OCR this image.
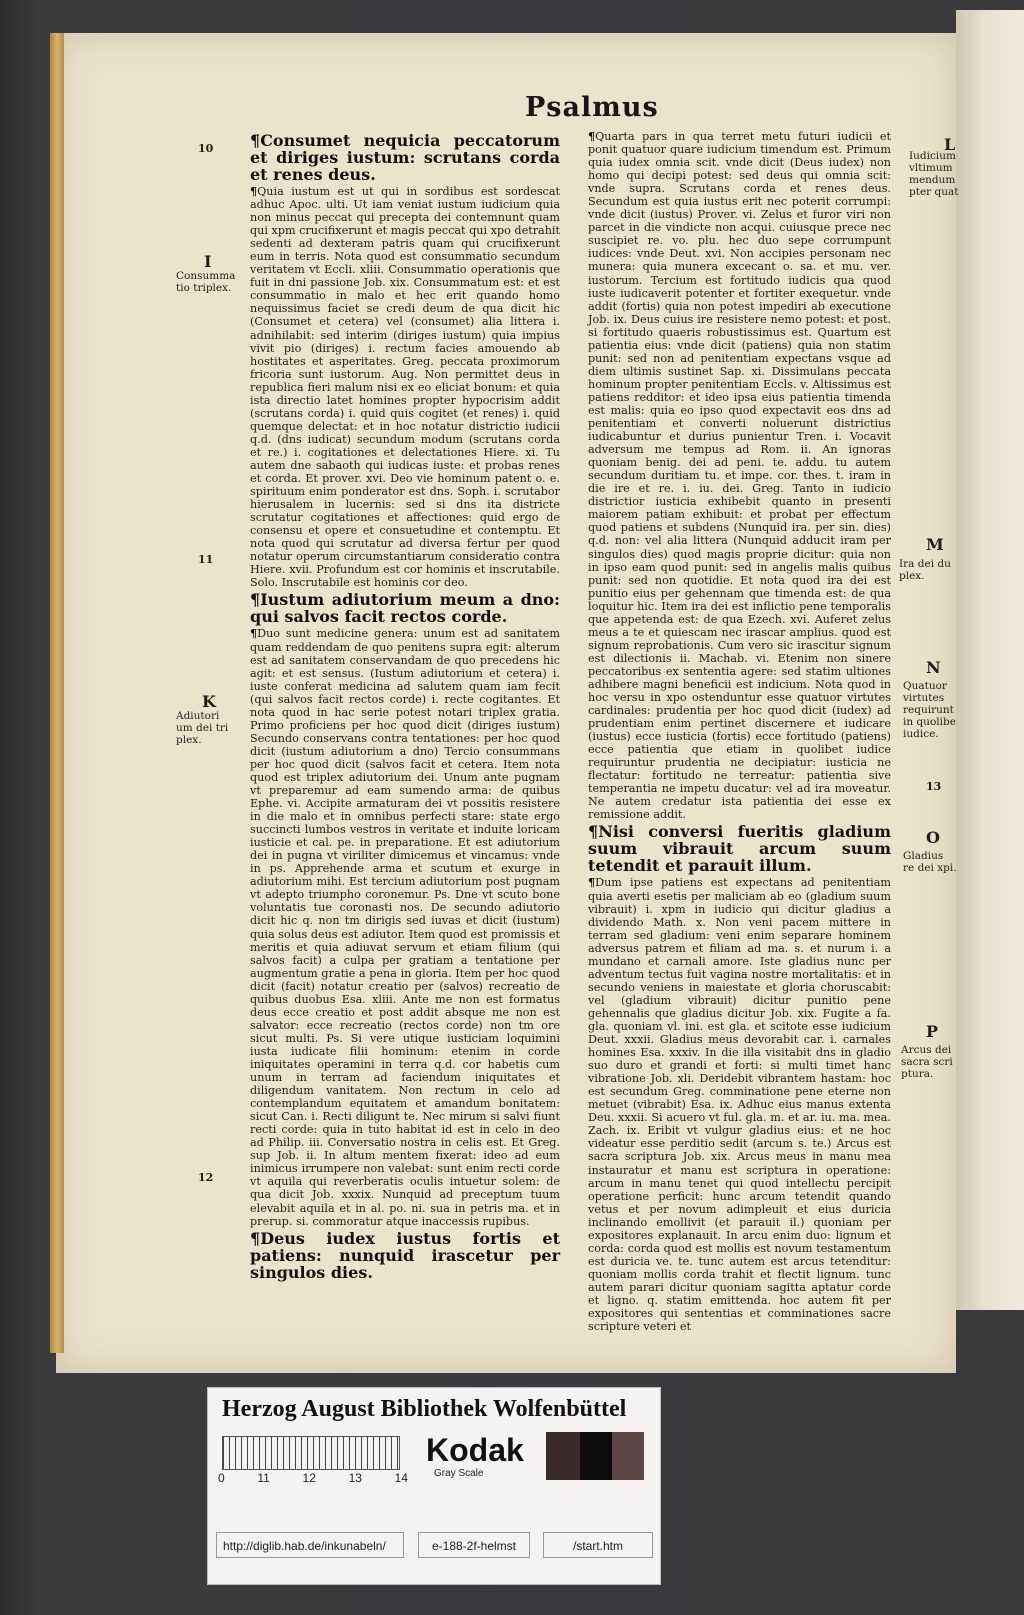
Psalmus
10
11
12
13
I
Consumma
tio triplex.
K
Adiutori
um dei tri
plex.
L
Iudicium
vltimum
mendum
pter quat
M
Ira dei du
plex.
N
Quatuor
virtutes
requirunt
in quolibe
iudice.
O
Gladius
re dei xpi.
P
Arcus dei
sacra scri
ptura.
¶Consumet nequicia peccatorum et diriges iustum: scrutans corda et renes deus.

¶Quia iustum est ut qui in sordibus est sordescat adhuc Apoc. ulti. Ut iam veniat iustum iudicium quia non minus peccat qui precepta dei contemnunt quam qui xpm crucifixerunt et magis peccat qui xpo detrahit sedenti ad dexteram patris quam qui crucifixerunt eum in terris. Nota quod est consummatio secundum veritatem vt Eccli. xliii. Consummatio operationis que fuit in dni passione Job. xix. Consummatum est: et est consummatio in malo et hec erit quando homo nequissimus faciet se credi deum de qua dicit hic (Consumet et cetera) vel (consumet) alia littera i. adnihilabit: sed interim (diriges iustum) quia impius vivit pio (diriges) i. rectum facies amouendo ab hostitates et asperitates. Greg. peccata proximorum fricoria sunt iustorum. Aug. Non permittet deus in republica fieri malum nisi ex eo eliciat bonum: et quia ista directio latet homines propter hypocrisim addit (scrutans corda) i. quid quis cogitet (et renes) i. quid quemque delectat: et in hoc notatur districtio iudicii q.d. (dns iudicat) secundum modum (scrutans corda et re.) i. cogitationes et delectationes Hiere. xi. Tu autem dne sabaoth qui iudicas iuste: et probas renes et corda. Et prover. xvi. Deo vie hominum patent o. e. spirituum enim ponderator est dns. Soph. i. scrutabor hierusalem in lucernis: sed si dns ita districte scrutatur cogitationes et affectiones: quid ergo de consensu et opere et consuetudine et contemptu. Et nota quod qui scrutatur ad diversa fertur per quod notatur operum circumstantiarum consideratio contra Hiere. xvii. Profundum est cor hominis et inscrutabile. Solo. Inscrutabile est hominis cor deo.

¶Iustum adiutorium meum a dno: qui salvos facit rectos corde.

¶Duo sunt medicine genera: unum est ad sanitatem quam reddendam de quo penitens supra egit: alterum est ad sanitatem conservandam de quo precedens hic agit: et est sensus. (Iustum adiutorium et cetera) i. iuste conferat medicina ad salutem quam iam fecit (qui salvos facit rectos corde) i. recte cogitantes. Et nota quod in hac serie potest notari triplex gratia. Primo proficiens per hoc quod dicit (diriges iustum) Secundo conservans contra tentationes: per hoc quod dicit (iustum adiutorium a dno) Tercio consummans per hoc quod dicit (salvos facit et cetera. Item nota quod est triplex adiutorium dei. Unum ante pugnam vt preparemur ad eam sumendo arma: de quibus Ephe. vi. Accipite armaturam dei vt possitis resistere in die malo et in omnibus perfecti stare: state ergo succincti lumbos vestros in veritate et induite loricam iusticie et cal. pe. in preparatione. Et est adiutorium dei in pugna vt viriliter dimicemus et vincamus: vnde in ps. Apprehende arma et scutum et exurge in adiutorium mihi. Est tercium adiutorium post pugnam vt adepto triumpho coronemur. Ps. Dne vt scuto bone voluntatis tue coronasti nos. De secundo adiutorio dicit hic q. non tm dirigis sed iuvas et dicit (iustum) quia solus deus est adiutor. Item quod est promissis et meritis et quia adiuvat servum et etiam filium (qui salvos facit) a culpa per gratiam a tentatione per augmentum gratie a pena in gloria. Item per hoc quod dicit (facit) notatur creatio per (salvos) recreatio de quibus duobus Esa. xliii. Ante me non est formatus deus ecce creatio et post addit absque me non est salvator: ecce recreatio (rectos corde) non tm ore sicut multi. Ps. Si vere utique iusticiam loquimini iusta iudicate filii hominum: etenim in corde iniquitates operamini in terra q.d. cor habetis cum unum in terram ad faciendum iniquitates et diligendum vanitatem. Non rectum in celo ad contemplandum equitatem et amandum bonitatem: sicut Can. i. Recti diligunt te. Nec mirum si salvi fiunt recti corde: quia in tuto habitat id est in celo in deo ad Philip. iii. Conversatio nostra in celis est. Et Greg. sup Job. ii. In altum mentem fixerat: ideo ad eum inimicus irrumpere non valebat: sunt enim recti corde vt aquila qui reverberatis oculis intuetur solem: de qua dicit Job. xxxix. Nunquid ad preceptum tuum elevabit aquila et in al. po. ni. sua in petris ma. et in prerup. si. commoratur atque inaccessis rupibus.

¶Deus iudex iustus fortis et patiens: nunquid irascetur per singulos dies.

¶Quarta pars in qua terret metu futuri iudicii et ponit quatuor quare iudicium timendum est. Primum quia iudex omnia scit. vnde dicit (Deus iudex) non homo qui decipi potest: sed deus qui omnia scit: vnde supra. Scrutans corda et renes deus. Secundum est quia iustus erit nec poterit corrumpi: vnde dicit (iustus) Prover. vi. Zelus et furor viri non parcet in die vindicte non acqui. cuiusque prece nec suscipiet re. vo. plu. hec duo sepe corrumpunt iudices: vnde Deut. xvi. Non accipies personam nec munera: quia munera excecant o. sa. et mu. ver. iustorum. Tercium est fortitudo iudicis qua quod iuste iudicaverit potenter et fortiter exequetur. vnde addit (fortis) quia non potest impediri ab executione Job. ix. Deus cuius ire resistere nemo potest: et post. si fortitudo quaeris robustissimus est. Quartum est patientia eius: vnde dicit (patiens) quia non statim punit: sed non ad penitentiam expectans vsque ad diem ultimis sustinet Sap. xi. Dissimulans peccata hominum propter penitentiam Eccls. v. Altissimus est patiens redditor: et ideo ipsa eius patientia timenda est malis: quia eo ipso quod expectavit eos dns ad penitentiam et converti noluerunt districtius iudicabuntur et durius punientur Tren. i. Vocavit adversum me tempus ad Rom. ii. An ignoras quoniam benig. dei ad peni. te. addu. tu autem secundum duritiam tu. et impe. cor. thes. t. iram in die ire et re. i. iu. dei. Greg. Tanto in iudicio districtior iusticia exhibebit quanto in presenti maiorem patiam exhibuit: et probat per effectum quod patiens et subdens (Nunquid ira. per sin. dies) q.d. non: vel alia littera (Nunquid adducit iram per singulos dies) quod magis proprie dicitur: quia non in ipso eam quod punit: sed in angelis malis quibus punit: sed non quotidie. Et nota quod ira dei est punitio eius per gehennam que timenda est: de qua loquitur hic. Item ira dei est inflictio pene temporalis que appetenda est: de qua Ezech. xvi. Auferet zelus meus a te et quiescam nec irascar amplius. quod est signum reprobationis. Cum vero sic irascitur signum est dilectionis ii. Machab. vi. Etenim non sinere peccatoribus ex sententia agere: sed statim ultiones adhibere magni beneficii est indicium. Nota quod in hoc versu in xpo ostenduntur esse quatuor virtutes cardinales: prudentia per hoc quod dicit (iudex) ad prudentiam enim pertinet discernere et iudicare (iustus) ecce iusticia (fortis) ecce fortitudo (patiens) ecce patientia que etiam in quolibet iudice requiruntur prudentia ne decipiatur: iusticia ne flectatur: fortitudo ne terreatur: patientia sive temperantia ne impetu ducatur: vel ad ira moveatur. Ne autem credatur ista patientia dei esse ex remissione addit.

¶Nisi conversi fueritis gladium suum vibrauit arcum suum tetendit et parauit illum.

¶Dum ipse patiens est expectans ad penitentiam quia averti esetis per maliciam ab eo (gladium suum vibrauit) i. xpm in iudicio qui dicitur gladius a dividendo Math. x. Non veni pacem mittere in terram sed gladium: veni enim separare hominem adversus patrem et filiam ad ma. s. et nurum i. a mundano et carnali amore. Iste gladius nunc per adventum tectus fuit vagina nostre mortalitatis: et in secundo veniens in maiestate et gloria choruscabit: vel (gladium vibrauit) dicitur punitio pene gehennalis que gladius dicitur Job. xix. Fugite a fa. gla. quoniam vl. ini. est gla. et scitote esse iudicium Deut. xxxii. Gladius meus devorabit car. i. carnales homines Esa. xxxiv. In die illa visitabit dns in gladio suo duro et grandi et forti: si multi timet hanc vibratione Job. xli. Deridebit vibrantem hastam: hoc est secundum Greg. comminatione pene eterne non metuet (vibrabit) Esa. ix. Adhuc eius manus extenta Deu. xxxii. Si acuero vt ful. gla. m. et ar. iu. ma. mea. Zach. ix. Eribit vt vulgur gladius eius: et ne hoc videatur esse perditio sedit (arcum s. te.) Arcus est sacra scriptura Job. xix. Arcus meus in manu mea instauratur et manu est scriptura in operatione: arcum in manu tenet qui quod intellectu percipit operatione perficit: hunc arcum tetendit quando vetus et per novum adimpleuit et eius duricia inclinando emollivit (et parauit il.) quoniam per expositores explanauit. In arcu enim duo: lignum et corda: corda quod est mollis est novum testamentum est duricia ve. te. tunc autem est arcus tetenditur: quoniam mollis corda trahit et flectit lignum. tunc autem parari dicitur quoniam sagitta aptatur corde et ligno. q. statim emittenda. hoc autem fit per expositores qui sententias et comminationes sacre scripture veteri et

Herzog August Bibliothek Wolfenbüttel
0	11	12	13	14
Kodak
Gray Scale
http://diglib.hab.de/inkunabeln/	e-188-2f-helmst	/start.htm
